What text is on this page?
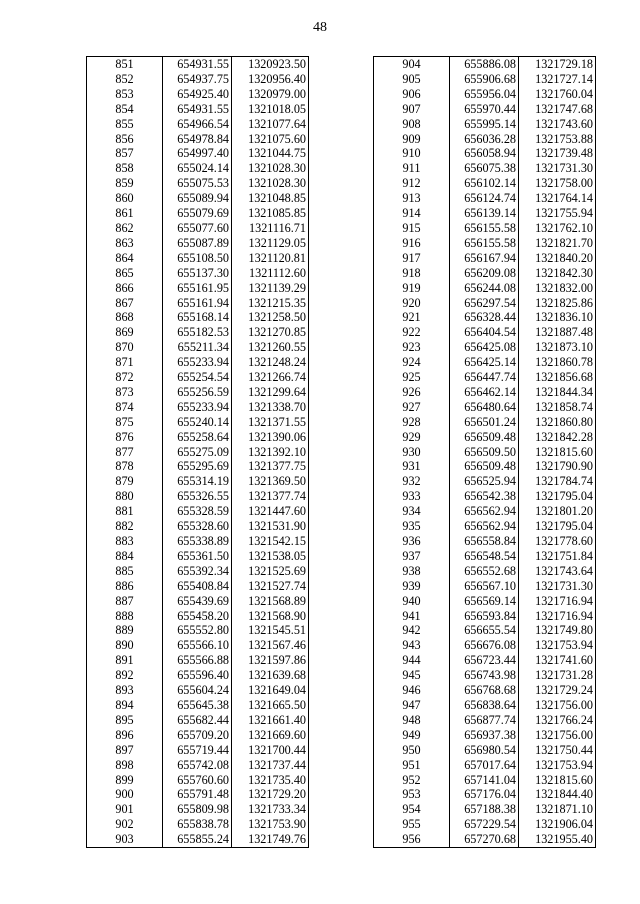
48
851	654931.55	1320923.50
852	654937.75	1320956.40
853	654925.40	1320979.00
854	654931.55	1321018.05
855	654966.54	1321077.64
856	654978.84	1321075.60
857	654997.40	1321044.75
858	655024.14	1321028.30
859	655075.53	1321028.30
860	655089.94	1321048.85
861	655079.69	1321085.85
862	655077.60	1321116.71
863	655087.89	1321129.05
864	655108.50	1321120.81
865	655137.30	1321112.60
866	655161.95	1321139.29
867	655161.94	1321215.35
868	655168.14	1321258.50
869	655182.53	1321270.85
870	655211.34	1321260.55
871	655233.94	1321248.24
872	655254.54	1321266.74
873	655256.59	1321299.64
874	655233.94	1321338.70
875	655240.14	1321371.55
876	655258.64	1321390.06
877	655275.09	1321392.10
878	655295.69	1321377.75
879	655314.19	1321369.50
880	655326.55	1321377.74
881	655328.59	1321447.60
882	655328.60	1321531.90
883	655338.89	1321542.15
884	655361.50	1321538.05
885	655392.34	1321525.69
886	655408.84	1321527.74
887	655439.69	1321568.89
888	655458.20	1321568.90
889	655552.80	1321545.51
890	655566.10	1321567.46
891	655566.88	1321597.86
892	655596.40	1321639.68
893	655604.24	1321649.04
894	655645.38	1321665.50
895	655682.44	1321661.40
896	655709.20	1321669.60
897	655719.44	1321700.44
898	655742.08	1321737.44
899	655760.60	1321735.40
900	655791.48	1321729.20
901	655809.98	1321733.34
902	655838.78	1321753.90
903	655855.24	1321749.76
904	655886.08	1321729.18
905	655906.68	1321727.14
906	655956.04	1321760.04
907	655970.44	1321747.68
908	655995.14	1321743.60
909	656036.28	1321753.88
910	656058.94	1321739.48
911	656075.38	1321731.30
912	656102.14	1321758.00
913	656124.74	1321764.14
914	656139.14	1321755.94
915	656155.58	1321762.10
916	656155.58	1321821.70
917	656167.94	1321840.20
918	656209.08	1321842.30
919	656244.08	1321832.00
920	656297.54	1321825.86
921	656328.44	1321836.10
922	656404.54	1321887.48
923	656425.08	1321873.10
924	656425.14	1321860.78
925	656447.74	1321856.68
926	656462.14	1321844.34
927	656480.64	1321858.74
928	656501.24	1321860.80
929	656509.48	1321842.28
930	656509.50	1321815.60
931	656509.48	1321790.90
932	656525.94	1321784.74
933	656542.38	1321795.04
934	656562.94	1321801.20
935	656562.94	1321795.04
936	656558.84	1321778.60
937	656548.54	1321751.84
938	656552.68	1321743.64
939	656567.10	1321731.30
940	656569.14	1321716.94
941	656593.84	1321716.94
942	656655.54	1321749.80
943	656676.08	1321753.94
944	656723.44	1321741.60
945	656743.98	1321731.28
946	656768.68	1321729.24
947	656838.64	1321756.00
948	656877.74	1321766.24
949	656937.38	1321756.00
950	656980.54	1321750.44
951	657017.64	1321753.94
952	657141.04	1321815.60
953	657176.04	1321844.40
954	657188.38	1321871.10
955	657229.54	1321906.04
956	657270.68	1321955.40
